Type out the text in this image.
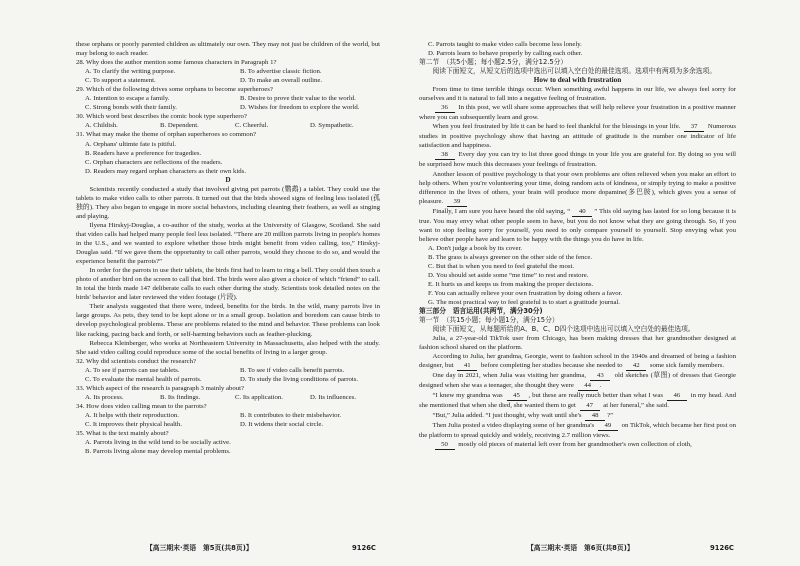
these orphans or poorly parented children as ultimately our own. They may not just be children of the world, but may belong to each reader.

28. Why does the author mention some famous characters in Paragraph 1?

A. To clarify the writing purpose.	B. To advertise classic fiction.
C. To support a statement.	D. To make an overall outline.

29. Which of the following drives some orphans to become superheroes?

A. Intention to escape a family.	B. Desire to prove their value to the world.
C. Strong bonds with their family.	D. Wishes for freedom to explore the world.

30. Which word best describes the comic book type superhero?

A. Childish.	B. Dependent.	C. Cheerful.	D. Sympathetic.

31. What may make the theme of orphan superheroes so common?

A. Orphans' ultimte fate is pitiful.
B. Readers have a preference for tragedies.
C. Orphan characters are reflections of the readers.
D. Readers may regard orphan characters as their own kids.
D

Scientists recently conducted a study that involved giving pet parrots (鹦鹉) a tablet. They could use the tablets to make video calls to other parrots. It turned out that the birds showed signs of feeling less isolated (孤独的). They also began to engage in more social behaviors, including cleaning their feathers, as well as singing and playing.

Ilyena Hirskyj-Douglas, a co-author of the study, works at the University of Glasgow, Scotland. She said that video calls had helped many people feel less isolated. “There are 20 million parrots living in people's homes in the U.S., and we wanted to explore whether those birds might benefit from video calling, too,” Hirskyj-Douglas said. “If we gave them the opportunity to call other parrots, would they choose to do so, and would the experience benefit the parrots?”

In order for the parrots to use their tablets, the birds first had to learn to ring a bell. They could then touch a photo of another bird on the screen to call that bird. The birds were also given a choice of which “friend” to call. In total the birds made 147 deliberate calls to each other during the study. Scientists took detailed notes on the birds' behavior and later reviewed the video footage (片段).

Their analysis suggested that there were, indeed, benefits for the birds. In the wild, many parrots live in large groups. As pets, they tend to be kept alone or in a small group. Isolation and boredom can cause birds to develop psychological problems. These are problems related to the mind and behavior. These problems can look like racking, pacing back and forth, or self-harming behaviors such as feather-plucking.

Rebecca Kleinberger, who works at Northeastern University in Massachusetts, also helped with the study. She said video calling could reproduce some of the social benefits of living in a larger group.

32. Why did scientists conduct the research?

A. To see if parrots can use tablets.	B. To see if video calls benefit parrots.
C. To evaluate the mental health of parrots.	D. To study the living conditions of parrots.

33. Which aspect of the research is paragraph 3 mainly about?

A. Its process.	B. Its findings.	C. Its application.	D. Its influences.

34. How does video calling mean to the parrots?

A. It helps with their reproduction.	B. It contributes to their misbehavior.
C. It improves their physical health.	D. It widens their social circle.

35. What is the text mainly about?

A. Parrots living in the wild tend to be socially active.
B. Parrots living alone may develop mental problems.
C. Parrots taught to make video calls become less lonely.
D. Parrots learn to behave properly by calling each other.

第二节　（共5小题；每小题2.5分，满分12.5分）

阅读下面短文，从短文后的选项中选出可以填入空白处的最佳选项。选项中有两项为多余选项。

How to deal with frustration

From time to time terrible things occur. When something awful happens in our life, we always feel sorry for ourselves and it is natural to fall into a negative feeling of frustration.

36 In this post, we will share some approaches that will help relieve your frustration in a positive manner where you can subsequently learn and grow.

When you feel frustrated by life it can be hard to feel thankful for the blessings in your life. 37 Numerous studies in positive psychology show that having an attitude of gratitude is the number one indicator of life satisfaction and happiness.

38 Every day you can try to list three good things in your life you are grateful for. By doing so you will be surprised how much this decreases your feelings of frustration.

Another lesson of positive psychology is that your own problems are often relieved when you make an effort to help others. When you're volunteering your time, doing random acts of kindness, or simply trying to make a positive difference in the lives of others, your brain will produce more dopamine(多巴胺), which gives you a sense of pleasure. 39

Finally, I am sure you have heard the old saying, “ 40 ” This old saying has lasted for so long because it is true. You may envy what other people seem to have, but you do not know what they are going through. So, if you want to stop feeling sorry for yourself, you need to only compare yourself to yourself. Stop envying what you believe other people have and learn to be happy with the things you do have in life.

A. Don't judge a book by its cover.
B. The grass is always greener on the other side of the fence.
C. But that is when you need to feel grateful the most.
D. You should set aside some “me time” to rest and restore.
E. It hurts us and keeps us from making the proper decisions.
F. You can actually relieve your own frustration by doing others a favor.
G. The most practical way to feel grateful is to start a gratitude journal.

第三部分　语言运用(共两节，满分30分)

第一节　（共15小题；每小题1分，满分15分）

阅读下面短文，从每题所给的A、B、C、D四个选项中选出可以填入空白处的最佳选项。

Julia, a 27-year-old TikTok user from Chicago, has been making dresses that her grandmother designed at fashion school shared on the platform.

According to Julia, her grandma, Georgie, went to fashion school in the 1940s and dreamed of being a fashion designer, but 41 before completing her studies because she needed to 42 some sick family members.

One day in 2021, when Julia was visiting her grandma, 43 old sketches (草图) of dresses that Georgie designed when she was a teenager, she thought they were 44 .

“I knew my grandma was 45 , but these are really much better than what I was 46 in my head. And she mentioned that when she died, she wanted them to get 47 at her funeral,” she said.

“But,” Julia added. “I just thought, why wait until she's 48 ?”

Then Julia posted a video displaying some of her grandma's 49 on TikTok, which became her first post on the platform to spread quickly and widely, receiving 2.7 million views.

50 mostly old pieces of material left over from her grandmother's own collection of cloth,

【高三期末·英语　第5页(共8页)】	9126C	【高三期末·英语　第6页(共8页)】	9126C
